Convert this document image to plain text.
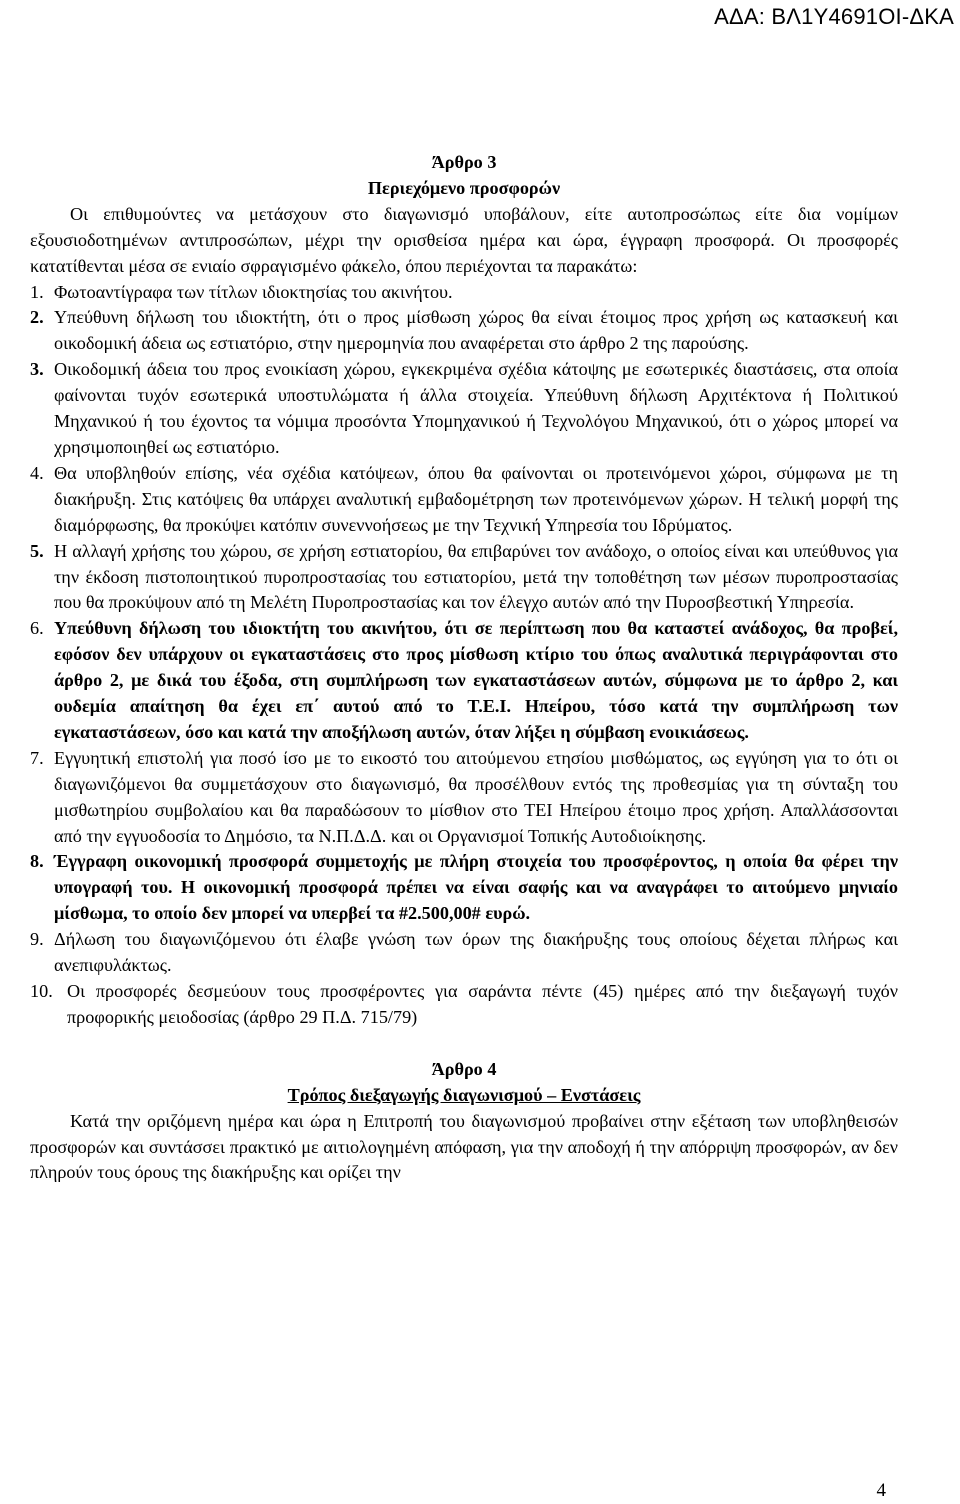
ΑΔΑ: ΒΛ1Υ4691ΟΙ-ΔΚΑ

Άρθρο 3

Περιεχόμενο προσφορών

Οι επιθυμούντες να μετάσχουν στο διαγωνισμό υποβάλουν, είτε αυτοπροσώπως είτε δια νομίμων εξουσιοδοτημένων αντιπροσώπων, μέχρι την ορισθείσα ημέρα και ώρα, έγγραφη προσφορά. Οι προσφορές κατατίθενται μέσα σε ενιαίο σφραγισμένο φάκελο, όπου περιέχονται τα παρακάτω:

1. Φωτοαντίγραφα των τίτλων ιδιοκτησίας του ακινήτου.
2. Υπεύθυνη δήλωση του ιδιοκτήτη, ότι ο προς μίσθωση χώρος θα είναι έτοιμος προς χρήση ως κατασκευή και οικοδομική άδεια ως εστιατόριο, στην ημερομηνία που αναφέρεται στο άρθρο 2 της παρούσης.
3. Οικοδομική άδεια του προς ενοικίαση χώρου, εγκεκριμένα σχέδια κάτοψης με εσωτερικές διαστάσεις, στα οποία φαίνονται τυχόν εσωτερικά υποστυλώματα ή άλλα στοιχεία. Υπεύθυνη δήλωση Αρχιτέκτονα ή Πολιτικού Μηχανικού ή του έχοντος τα νόμιμα προσόντα Υπομηχανικού ή Τεχνολόγου Μηχανικού, ότι ο χώρος μπορεί να χρησιμοποιηθεί ως εστιατόριο.
4. Θα υποβληθούν επίσης, νέα σχέδια κατόψεων, όπου θα φαίνονται οι προτεινόμενοι χώροι, σύμφωνα με τη διακήρυξη. Στις κατόψεις θα υπάρχει αναλυτική εμβαδομέτρηση των προτεινόμενων χώρων. Η τελική μορφή της διαμόρφωσης, θα προκύψει κατόπιν συνεννοήσεως με την Τεχνική Υπηρεσία του Ιδρύματος.
5. Η αλλαγή χρήσης του χώρου, σε χρήση εστιατορίου, θα επιβαρύνει τον ανάδοχο, ο οποίος είναι και υπεύθυνος για την έκδοση πιστοποιητικού πυροπροστασίας του εστιατορίου, μετά την τοποθέτηση των μέσων πυροπροστασίας που θα προκύψουν από τη Μελέτη Πυροπροστασίας και τον έλεγχο αυτών από την Πυροσβεστική Υπηρεσία.
6. Υπεύθυνη δήλωση του ιδιοκτήτη του ακινήτου, ότι σε περίπτωση που θα καταστεί ανάδοχος, θα προβεί, εφόσον δεν υπάρχουν οι εγκαταστάσεις στο προς μίσθωση κτίριο του όπως αναλυτικά περιγράφονται στο άρθρο 2, με δικά του έξοδα, στη συμπλήρωση των εγκαταστάσεων αυτών, σύμφωνα με το άρθρο 2, και ουδεμία απαίτηση θα έχει επ΄ αυτού από το Τ.Ε.Ι. Ηπείρου, τόσο κατά την συμπλήρωση των εγκαταστάσεων, όσο και κατά την αποξήλωση αυτών, όταν λήξει η σύμβαση ενοικιάσεως.
7. Εγγυητική επιστολή για ποσό ίσο με το εικοστό του αιτούμενου ετησίου μισθώματος, ως εγγύηση για το ότι οι διαγωνιζόμενοι θα συμμετάσχουν στο διαγωνισμό, θα προσέλθουν εντός της προθεσμίας για τη σύνταξη του μισθωτηρίου συμβολαίου και θα παραδώσουν το μίσθιον στο ΤΕΙ Ηπείρου έτοιμο προς χρήση. Απαλλάσσονται από την εγγυοδοσία το Δημόσιο, τα Ν.Π.Δ.Δ. και οι Οργανισμοί Τοπικής Αυτοδιοίκησης.
8. Έγγραφη οικονομική προσφορά συμμετοχής με πλήρη στοιχεία του προσφέροντος, η οποία θα φέρει την υπογραφή του. Η οικονομική προσφορά πρέπει να είναι σαφής και να αναγράφει το αιτούμενο μηνιαίο μίσθωμα, το οποίο δεν μπορεί να υπερβεί τα #2.500,00# ευρώ.
9. Δήλωση του διαγωνιζόμενου ότι έλαβε γνώση των όρων της διακήρυξης τους οποίους δέχεται πλήρως και ανεπιφυλάκτως.
10. Οι προσφορές δεσμεύουν τους προσφέροντες για σαράντα πέντε (45) ημέρες από την διεξαγωγή τυχόν προφορικής μειοδοσίας (άρθρο 29 Π.Δ. 715/79)

Άρθρο 4

Τρόπος διεξαγωγής διαγωνισμού – Ενστάσεις

Κατά την οριζόμενη ημέρα και ώρα η Επιτροπή του διαγωνισμού προβαίνει στην εξέταση των υποβληθεισών προσφορών και συντάσσει πρακτικό με αιτιολογημένη απόφαση, για την αποδοχή ή την απόρριψη προσφορών, αν δεν πληρούν τους όρους της διακήρυξης και ορίζει την

4
